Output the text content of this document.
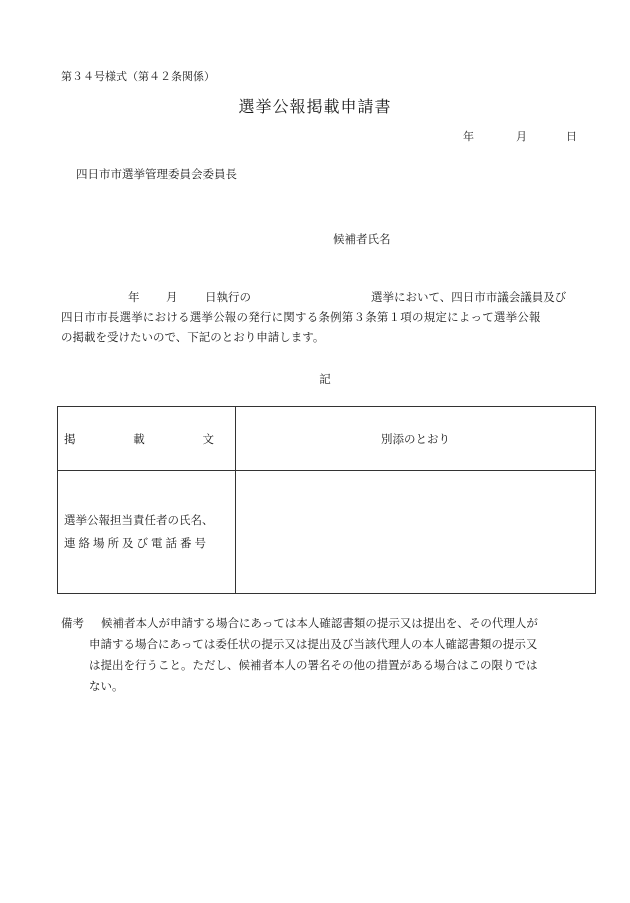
第３４号様式（第４２条関係）
選挙公報掲載申請書
年	月	日
四日市市選挙管理委員会委員長
候補者氏名
年 月 日執行の	選挙において、四日市市議会議員及び
四日市市長選挙における選挙公報の発行に関する条例第３条第１項の規定によって選挙公報
の掲載を受けたいので、下記のとおり申請します。
記
掲 載 文	別添のとおり

選挙公報担当責任者の氏名、
連絡場所及び電話番号	

備考 候補者本人が申請する場合にあっては本人確認書類の提示又は提出を、その代理人が
申請する場合にあっては委任状の提示又は提出及び当該代理人の本人確認書類の提示又
は提出を行うこと。ただし、候補者本人の署名その他の措置がある場合はこの限りでは
ない。
